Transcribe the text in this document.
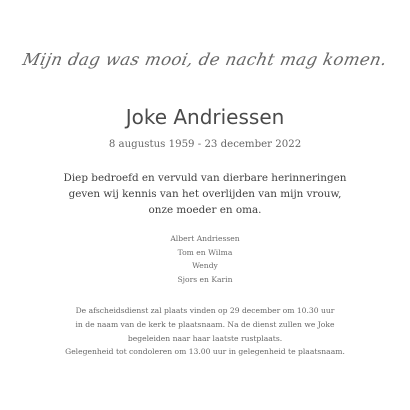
Mijn dag was mooi, de nacht mag komen.
Joke Andriessen
8 augustus 1959 - 23 december 2022
Diep bedroefd en vervuld van dierbare herinneringen
geven wij kennis van het overlijden van mijn vrouw,
onze moeder en oma.
Albert Andriessen
Tom en Wilma
Wendy
Sjors en Karin
De afscheidsdienst zal plaats vinden op 29 december om 10.30 uur
in de naam van de kerk te plaatsnaam. Na de dienst zullen we Joke
begeleiden naar haar laatste rustplaats.
Gelegenheid tot condoleren om 13.00 uur in gelegenheid te plaatsnaam.
